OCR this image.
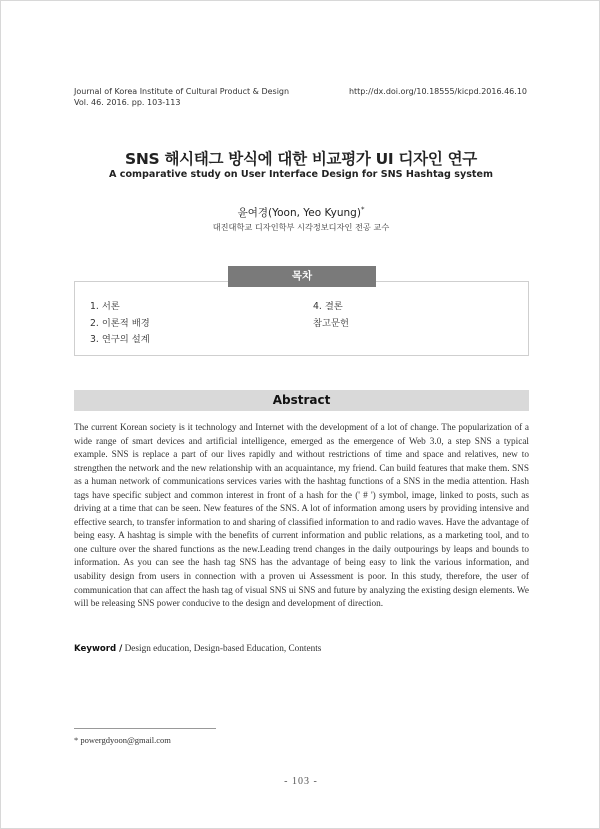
Journal of Korea Institute of Cultural Product & Design
Vol. 46. 2016. pp. 103-113
http://dx.doi.org/10.18555/kicpd.2016.46.10
SNS 해시태그 방식에 대한 비교평가 UI 디자인 연구
A comparative study on User Interface Design for SNS Hashtag system
윤여경(Yoon, Yeo Kyung)*
대진대학교 디자인학부 시각정보디자인 전공 교수
목차
1. 서론
2. 이론적 배경
3. 연구의 설계
4. 결론
참고문헌
Abstract

The current Korean society is it technology and Internet with the development of a lot of change. The popularization of a wide range of smart devices and artificial intelligence, emerged as the emergence of Web 3.0, a step SNS a typical example. SNS is replace a part of our lives rapidly and without restrictions of time and space and relatives, new to strengthen the network and the new relationship with an acquaintance, my friend. Can build features that make them. SNS as a human network of communications services varies with the hashtag functions of a SNS in the media attention. Hash tags have specific subject and common interest in front of a hash for the (' # ') symbol, image, linked to posts, such as driving at a time that can be seen. New features of the SNS. A lot of information among users by providing intensive and effective search, to transfer information to and sharing of classified information to and radio waves. Have the advantage of being easy. A hashtag is simple with the benefits of current information and public relations, as a marketing tool, and to one culture over the shared functions as the new.Leading trend changes in the daily outpourings by leaps and bounds to information. As you can see the hash tag SNS has the advantage of being easy to link the various information, and usability design from users in connection with a proven ui Assessment is poor. In this study, therefore, the user of communication that can affect the hash tag of visual SNS ui SNS and future by analyzing the existing design elements. We will be releasing SNS power conducive to the design and development of direction.

Keyword / Design education, Design-based Education, Contents
* powergdyoon@gmail.com
- 103 -
